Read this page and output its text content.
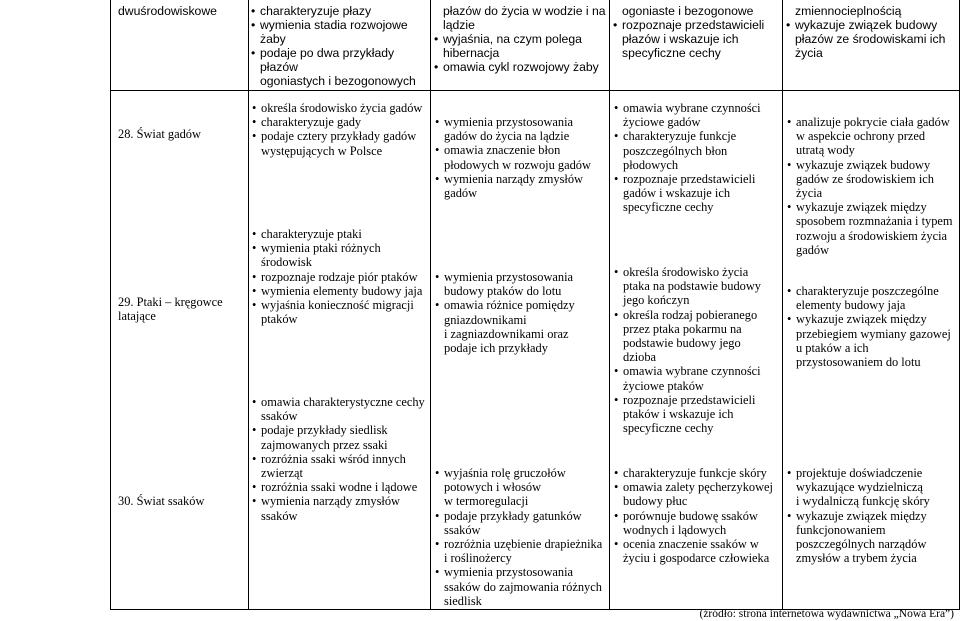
dwuśrodowiskowe
•	charakteryzuje płazy
• wymienia stadia rozwojowe żaby
• podaje po dwa przykłady płazów
ogoniastych i bezogonowych
płazów do życia w wodzie i na
lądzie
• wyjaśnia, na czym polega
hibernacja
• omawia cykl rozwojowy żaby
ogoniaste i bezogonowe
• rozpoznaje przedstawicieli
płazów i wskazuje ich
specyficzne cechy
zmiennocieplnością
• wykazuje związek budowy
płazów ze środowiskami ich
życia
28. Świat gadów
29. Ptaki – kręgowce latające
30. Świat ssaków
• określa środowisko życia gadów
• charakteryzuje gady
• podaje cztery przykłady gadów
występujących w Polsce
• charakteryzuje ptaki
• wymienia ptaki różnych
środowisk
• rozpoznaje rodzaje piór ptaków
• wymienia elementy budowy jaja
• wyjaśnia konieczność migracji
ptaków
• omawia charakterystyczne cechy
ssaków
• podaje przykłady siedlisk
zajmowanych przez ssaki
• rozróżnia ssaki wśród innych
zwierząt
• rozróżnia ssaki wodne i lądowe
• wymienia narządy zmysłów
ssaków
• wymienia przystosowania
gadów do życia na lądzie
• omawia znaczenie błon
płodowych w rozwoju gadów
• wymienia narządy zmysłów
gadów
• wymienia przystosowania
budowy ptaków do lotu
• omawia różnice pomiędzy
gniazdownikami
i zagniazdownikami oraz
podaje ich przykłady
• wyjaśnia rolę gruczołów
potowych i włosów
w termoregulacji
• podaje przykłady gatunków
ssaków
• rozróżnia uzębienie drapieżnika
i roślinożercy
• wymienia przystosowania
ssaków do zajmowania różnych
siedlisk
• omawia wybrane czynności
życiowe gadów
• charakteryzuje funkcje
poszczególnych błon
płodowych
• rozpoznaje przedstawicieli
gadów i wskazuje ich
specyficzne cechy
• określa środowisko życia
ptaka na podstawie budowy
jego kończyn
• określa rodzaj pobieranego
przez ptaka pokarmu na
podstawie budowy jego
dzioba
• omawia wybrane czynności
życiowe ptaków
• rozpoznaje przedstawicieli
ptaków i wskazuje ich
specyficzne cechy
• charakteryzuje funkcje skóry
• omawia zalety pęcherzykowej
budowy płuc
• porównuje budowę ssaków
wodnych i lądowych
• ocenia znaczenie ssaków w
życiu i gospodarce człowieka
• analizuje pokrycie ciała gadów
w aspekcie ochrony przed
utratą wody
• wykazuje związek budowy
gadów ze środowiskiem ich
życia
• wykazuje związek między
sposobem rozmnażania i typem
rozwoju a środowiskiem życia
gadów
• charakteryzuje poszczególne
elementy budowy jaja
• wykazuje związek między
przebiegiem wymiany gazowej
u ptaków a ich
przystosowaniem do lotu
• projektuje doświadczenie
wykazujące wydzielniczą
i wydalniczą funkcję skóry
• wykazuje związek między
funkcjonowaniem
poszczególnych narządów
zmysłów a trybem życia
(źródło: strona internetowa wydawnictwa „Nowa Era”)
